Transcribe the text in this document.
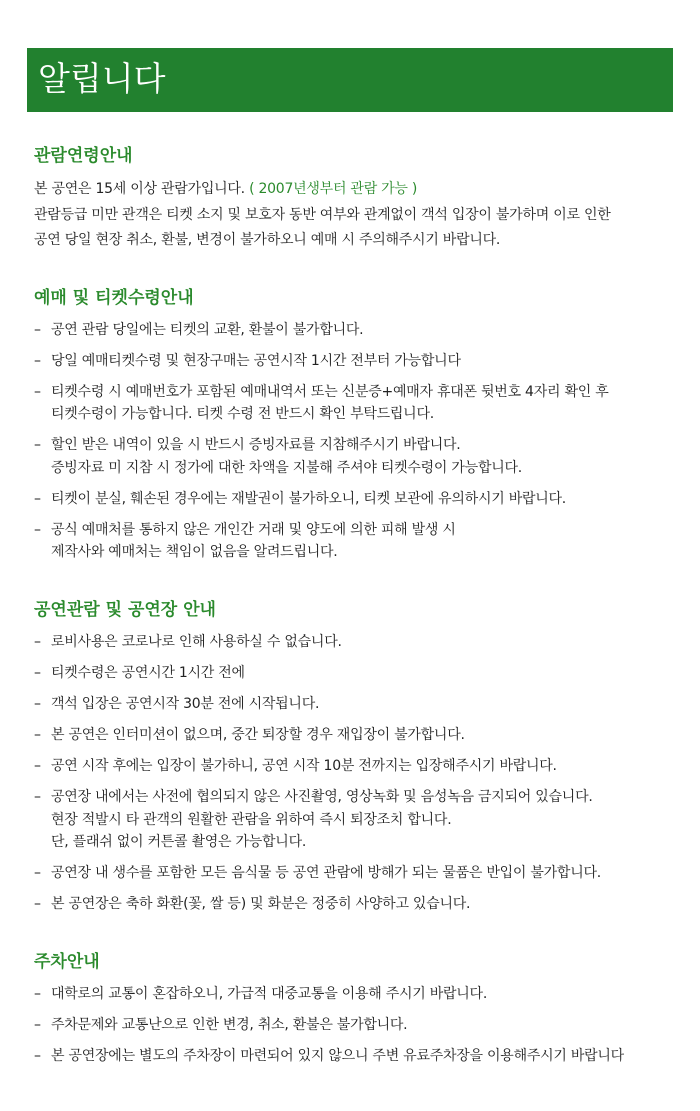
알립니다
관람연령안내
본 공연은 15세 이상 관람가입니다. ( 2007년생부터 관람 가능 )
관람등급 미만 관객은 티켓 소지 및 보호자 동반 여부와 관계없이 객석 입장이 불가하며 이로 인한
공연 당일 현장 취소, 환불, 변경이 불가하오니 예매 시 주의해주시기 바랍니다.
예매 및 티켓수령안내
– 공연 관람 당일에는 티켓의 교환, 환불이 불가합니다.
– 당일 예매티켓수령 및 현장구매는 공연시작 1시간 전부터 가능합니다
– 티켓수령 시 예매번호가 포함된 예매내역서 또는 신분증+예매자 휴대폰 뒷번호 4자리 확인 후
티켓수령이 가능합니다. 티켓 수령 전 반드시 확인 부탁드립니다.
– 할인 받은 내역이 있을 시 반드시 증빙자료를 지참해주시기 바랍니다.
증빙자료 미 지참 시 정가에 대한 차액을 지불해 주셔야 티켓수령이 가능합니다.
– 티켓이 분실, 훼손된 경우에는 재발권이 불가하오니, 티켓 보관에 유의하시기 바랍니다.
– 공식 예매처를 통하지 않은 개인간 거래 및 양도에 의한 피해 발생 시
제작사와 예매처는 책임이 없음을 알려드립니다.
공연관람 및 공연장 안내
– 로비사용은 코로나로 인해 사용하실 수 없습니다.
– 티켓수령은 공연시간 1시간 전에
– 객석 입장은 공연시작 30분 전에 시작됩니다.
– 본 공연은 인터미션이 없으며, 중간 퇴장할 경우 재입장이 불가합니다.
– 공연 시작 후에는 입장이 불가하니, 공연 시작 10분 전까지는 입장해주시기 바랍니다.
– 공연장 내에서는 사전에 협의되지 않은 사진촬영, 영상녹화 및 음성녹음 금지되어 있습니다.
현장 적발시 타 관객의 원활한 관람을 위하여 즉시 퇴장조치 합니다.
단, 플래쉬 없이 커튼콜 촬영은 가능합니다.
– 공연장 내 생수를 포함한 모든 음식물 등 공연 관람에 방해가 되는 물품은 반입이 불가합니다.
– 본 공연장은 축하 화환(꽃, 쌀 등) 및 화분은 정중히 사양하고 있습니다.
주차안내
– 대학로의 교통이 혼잡하오니, 가급적 대중교통을 이용해 주시기 바랍니다.
– 주차문제와 교통난으로 인한 변경, 취소, 환불은 불가합니다.
– 본 공연장에는 별도의 주차장이 마련되어 있지 않으니 주변 유료주차장을 이용해주시기 바랍니다
